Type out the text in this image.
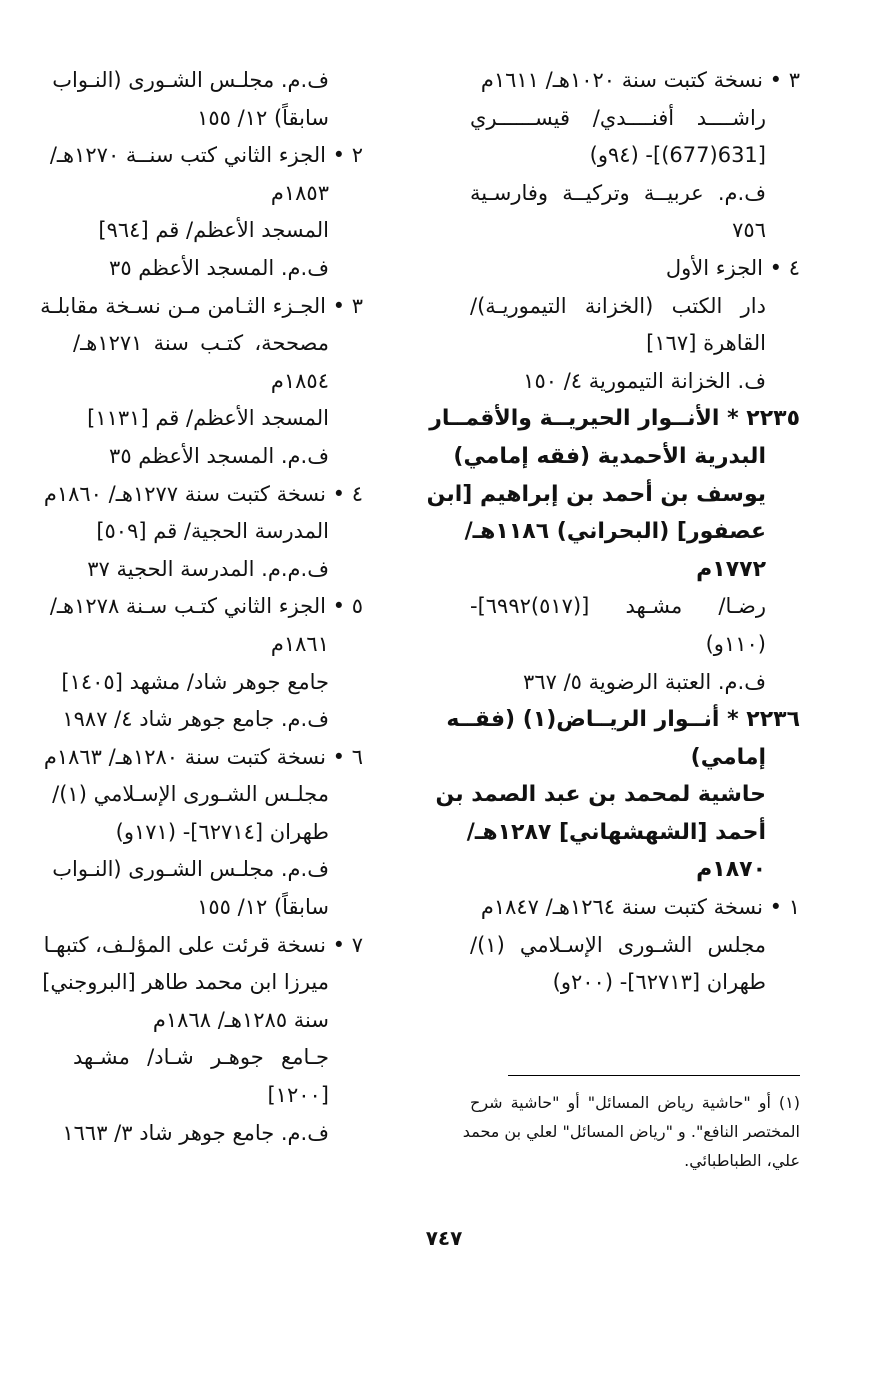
٣ • نسخة كتبت سنة ١٠٢٠هـ/ ١٦١١م
راشــــد أفنــــدي/ قيســــــري
[631(677)]- (٩٤و)
ف.م. عربيــة وتركيــة وفارسـية
٧٥٦
٤ • الجزء الأول
دار الكتب (الخزانة التيموريـة)/
القاهرة [١٦٧]
ف. الخزانة التيمورية ٤/ ١٥٠
٢٢٣٥ * الأنــوار الحيريــة والأقمــار
البدرية الأحمدية (فقه إمامي)
يوسف بن أحمد بن إبراهيم [ابن
عصفور] (البحراني) ١١٨٦هـ/
١٧٧٢م
رضـا/ مشـهد [(٥١٧)٦٩٩٢]-
(١١٠و)
ف.م. العتبة الرضوية ٥/ ٣٦٧
٢٢٣٦ * أنــوار الريــاض(١) (فقــه
إمامي)
حاشية لمحمد بن عبد الصمد بن
أحمد [الشهشهاني] ١٢٨٧هـ/
١٨٧٠م
١ • نسخة كتبت سنة ١٢٦٤هـ/ ١٨٤٧م
مجلس الشـورى الإسـلامي (١)/
طهران [٦٢٧١٣]- (٢٠٠و)
ف.م. مجلـس الشـورى (النـواب
سابقاً) ١٢/ ١٥٥
٢ • الجزء الثاني كتب سنــة ١٢٧٠هـ/
١٨٥٣م
المسجد الأعظم/ قم [٩٦٤]
ف.م. المسجد الأعظم ٣٥
٣ • الجـزء الثـامن مـن نسـخة مقابلـة
مصححة، كتـب سنة ١٢٧١هـ/
١٨٥٤م
المسجد الأعظم/ قم [١١٣١]
ف.م. المسجد الأعظم ٣٥
٤ • نسخة كتبت سنة ١٢٧٧هـ/ ١٨٦٠م
المدرسة الحجية/ قم [٥٠٩]
ف.م.م. المدرسة الحجية ٣٧
٥ • الجزء الثاني كتـب سـنة ١٢٧٨هـ/
١٨٦١م
جامع جوهر شاد/ مشهد [١٤٠٥]
ف.م. جامع جوهر شاد ٤/ ١٩٨٧
٦ • نسخة كتبت سنة ١٢٨٠هـ/ ١٨٦٣م
مجلـس الشـورى الإسـلامي (١)/
طهران [٦٢٧١٤]- (١٧١و)
ف.م. مجلـس الشـورى (النـواب
سابقاً) ١٢/ ١٥٥
٧ • نسخة قرئت على المؤلـف، كتبهـا
ميرزا ابن محمد طاهر [البروجني]
سنة ١٢٨٥هـ/ ١٨٦٨م
جـامع جوهـر شـاد/ مشـهد
[١٢٠٠]
ف.م. جامع جوهر شاد ٣/ ١٦٦٣
(١) أو "حاشية رياض المسائل" أو "حاشية شرح
المختصر النافع". و "رياض المسائل" لعلي بن محمد
علي، الطباطبائي.
٧٤٧
